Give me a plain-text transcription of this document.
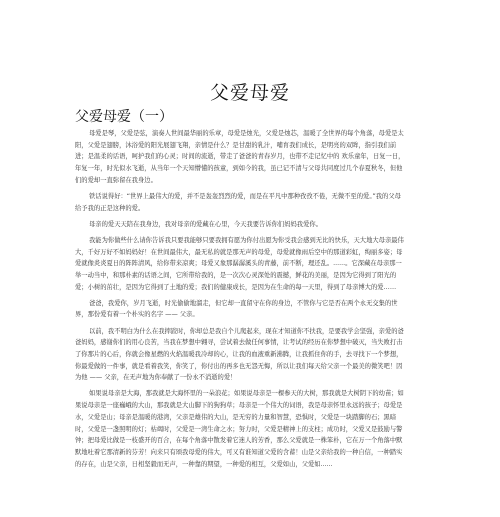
父爱母爱
父爱母爱（一）

母爱是琴，父爱是弦，演奏人世间最华丽的乐章，母爱是烛光，父爱是烛芯，温暖了全世界的每个角落，母爱是太阳，父爱是翅膀，沐浴爱的阳光展翅飞翔，亲情是什么？是甘甜的乳汁，哺育我们成长，是明亮的双眸，指引我们前进；是温柔的话语，呵护我们的心灵；时间的流逝，带走了爸爸的青春岁月，也带不走记忆中的 欢乐童年，日复一日，年复一年，时光似水飞逝，从当年一个天知懵懂的孩童，到如今的我，虽已记不清与父母共同度过几个春夏秋冬，但他们的爱却一直弥留在我身边。

铁话说得好：“世界上最伟大的爱，并不是轰轰烈烈的爱，而是在平凡中那种孜孜不倦，无微不至的爱。”我的父母给予我的正是这种的爱。

母亲的爱天天陪在我身边，我对母亲的爱藏在心里，今天我要告诉你们妈妈我爱你。

我能为你做些什么请你告诉我只要我能够只要我拥有愿为你付出愿为你受我会感到无比的快乐，天大地大母亲最伟大，千好万好不如妈妈好！在世间最伟大，最无私的就是那无声的母爱，母爱就像雨后空中的那道彩虹，绚丽多姿；母爱就像炎炎夏日的阵阵清风，给你带来凉爽；母爱又象那潺潺溪头的青藤，前不断，理还乱。......。它深藏在母亲那一举一动当中，和那朴素的话语之间，它所带给我的，是一次次心灵深处的震撼，鲜花的美丽，是因为它得到了阳光的爱；小树的茁壮，是因为它得到了土地的爱；我们的健康成长，是因为在生命的每一天里，得到了母亲博大的爱……

爸爸，我爱你，岁月飞逝，时光偷偷地溜走，但它却一直留守在你的身边，不管你与它是否在两个永无交集的世界，那份爱有着一个朴实的名字 —— 父亲。

以前，我不明白为什么在我摔跤时，你却总是我自个儿爬起来，现在才知道你不扶我，是要我学会坚强，亲爱的爸爸妈妈，感谢你们的用心良苦，当我在梦想中翱寻，尝试着去做任何事情，让考试的经历在你梦想中破灭，当失败打击了你那片的心后，你就会像星燃的火焰温暖我冷却的心，让我的血液重新沸腾，让我抓住你的手，去寻找下一个梦想，你最爱做的一件事，就是看着我笑，你笑了，你付出的再多也无怨无悔，所以让我们每天给父亲一个最美的微笑吧！因为他 —— 父亲，在无声地为你奉献了一份永不消逝的爱！

如果说母亲是大海，那我就是大海怀里的一朵浪花；如果说母亲是一棵参天的大树，那我就是大树阴下的幼苗；如果说母亲是一座巍峨的大山，那我就是大山脚下的狗狗草；母亲是一个伟大的词语，我是母亲怀里永远的孩子；母爱是水，父爱是山；母亲是温暖的港湾，父亲是雄伟的大山，是无穷的力量和智慧，恐惧时，父爱是一块踏脚的石；黑暗时，父爱是一盏照明的灯；枯竭时，父爱是一湾生命之水；努力时，父爱是精神上的支柱；成功时，父爱又是鼓励与警钟；把母爱比做是一枝盛开的百合，在每个角落中散发着它迷人的芳香，那么父爱就是一株笨朴，它在万一个角落中默默地吐着它那清新的芬芳！向来只有颂我母爱的伟大，可又有谁知道父爱的含蓄！山是父亲给我的一种自信，一种踏实的存在，山是父亲，日相坚毅而无声，一种靠的期望，一种爱的相互，父爱如山，父爱如......
